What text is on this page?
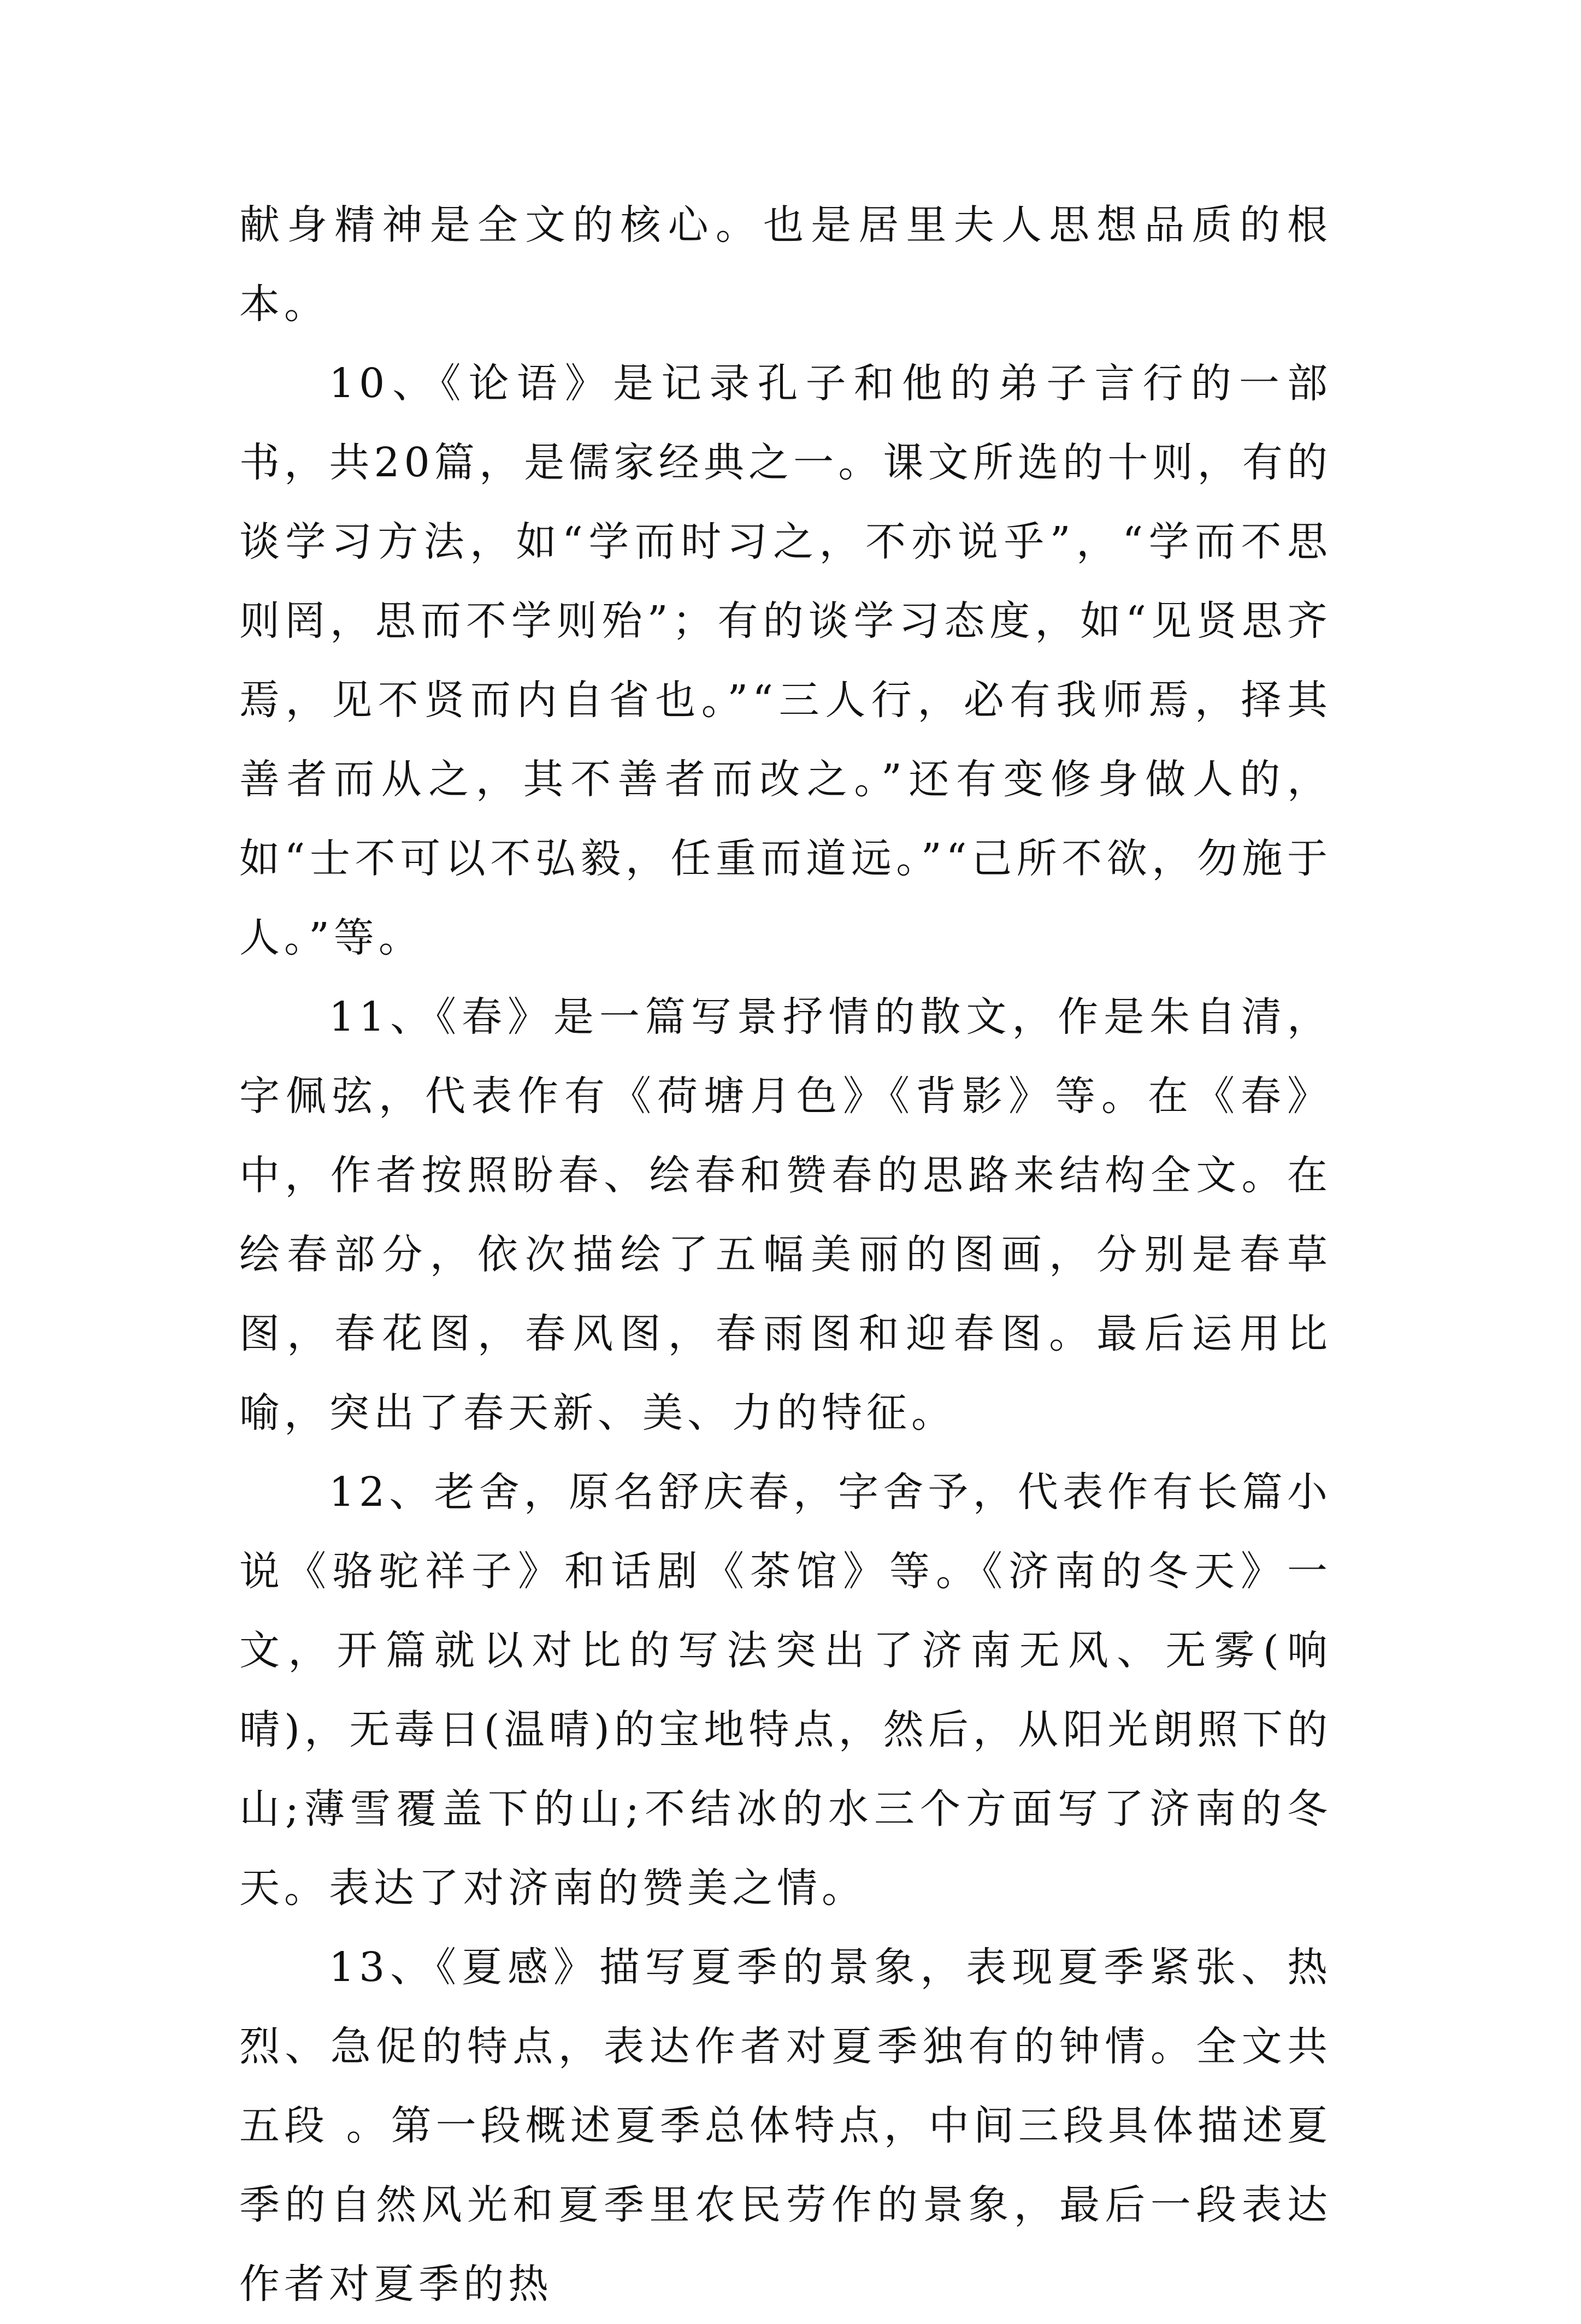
献身精神是全文的核心。也是居里夫人思想品质的根本。

10、《论语》是记录孔子和他的弟子言行的一部书，共20篇，是儒家经典之一。课文所选的十则，有的谈学习方法，如“学而时习之，不亦说乎”，“学而不思则罔，思而不学则殆”；有的谈学习态度，如“见贤思齐焉，见不贤而内自省也。”“三人行，必有我师焉，择其善者而从之，其不善者而改之。”还有变修身做人的，如“士不可以不弘毅，任重而道远。”“己所不欲，勿施于人。”等。

11、《春》是一篇写景抒情的散文，作是朱自清，字佩弦，代表作有《荷塘月色》《背影》等。在《春》中，作者按照盼春、绘春和赞春的思路来结构全文。在绘春部分，依次描绘了五幅美丽的图画，分别是春草图，春花图，春风图，春雨图和迎春图。最后运用比喻，突出了春天新、美、力的特征。

12、老舍，原名舒庆春，字舍予，代表作有长篇小说《骆驼祥子》和话剧《茶馆》等。《济南的冬天》一文，开篇就以对比的写法突出了济南无风、无雾(响晴)，无毒日(温晴)的宝地特点，然后，从阳光朗照下的山;薄雪覆盖下的山;不结冰的水三个方面写了济南的冬天。表达了对济南的赞美之情。

13、《夏感》描写夏季的景象，表现夏季紧张、热烈、急促的特点，表达作者对夏季独有的钟情。全文共五段 。第一段概述夏季总体特点，中间三段具体描述夏季的自然风光和夏季里农民劳作的景象，最后一段表达作者对夏季的热
